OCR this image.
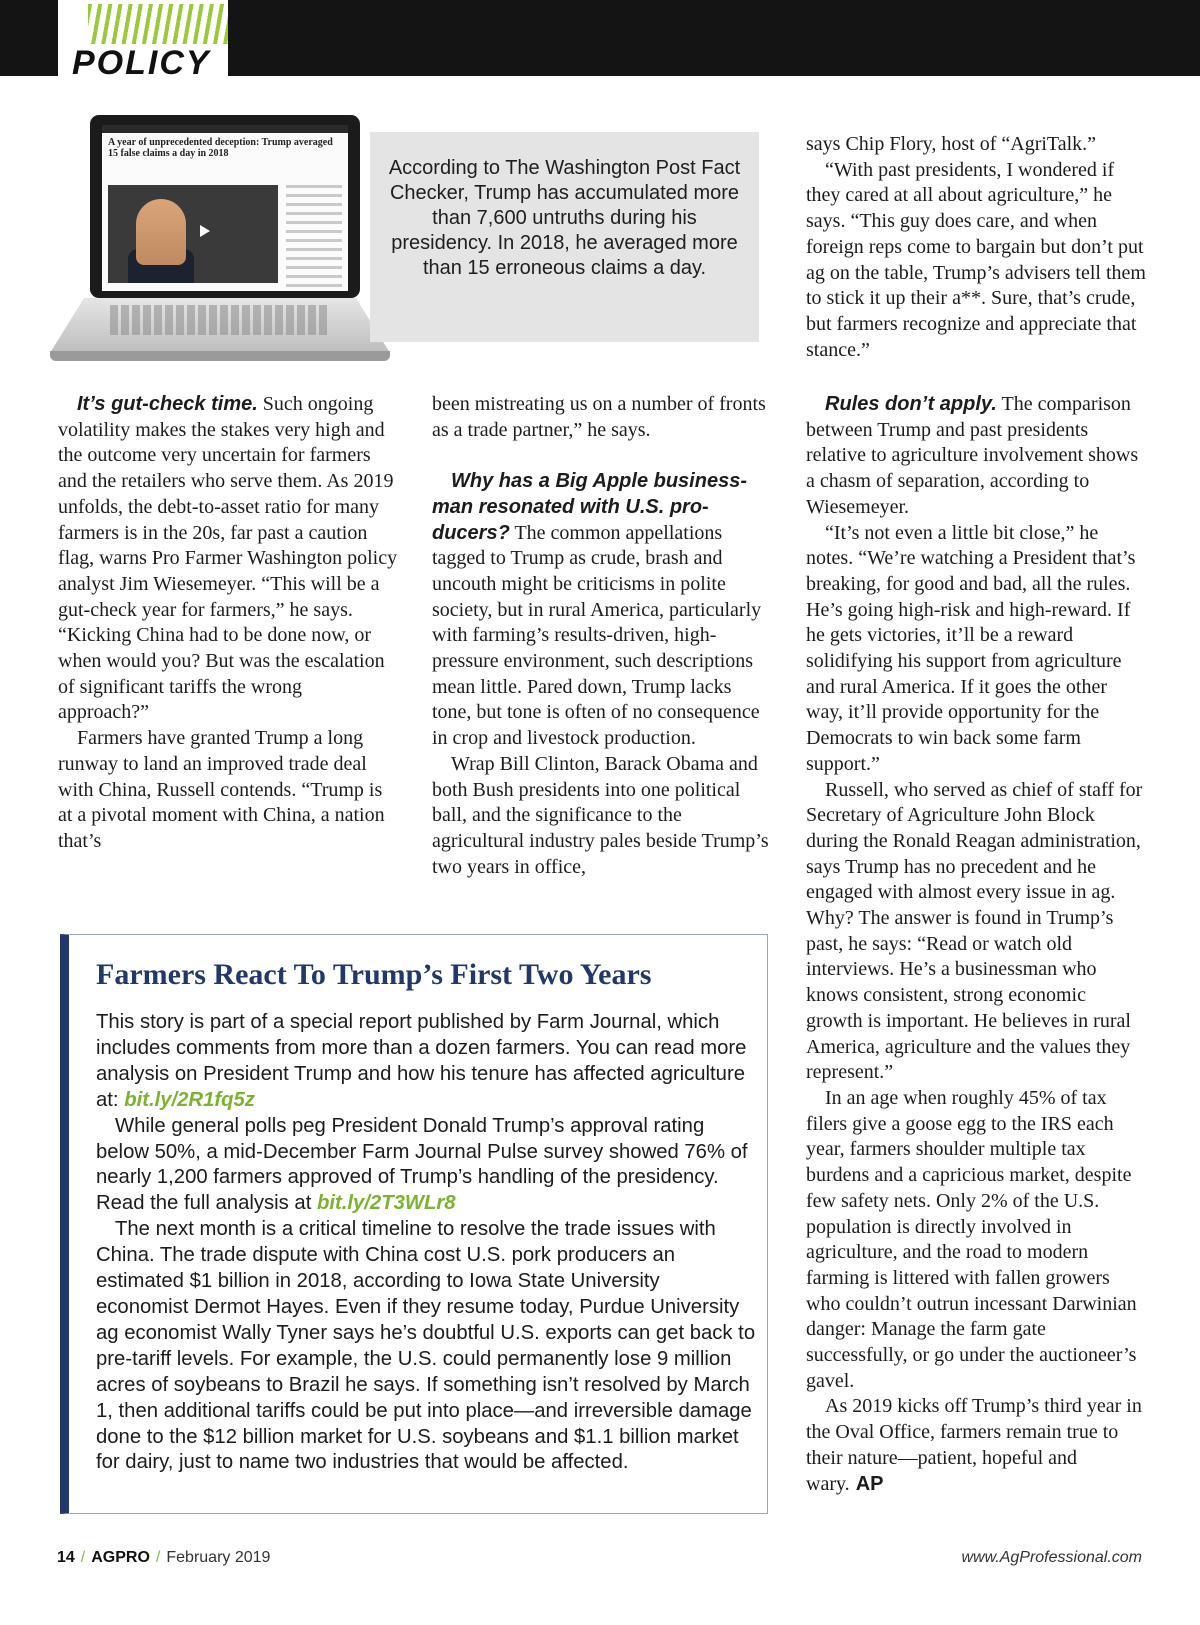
POLICY
A year of unprecedented deception: Trump averaged 15 false claims a day in 2018
According to The Washington Post Fact Checker, Trump has accumulated more than 7,600 untruths during his presidency. In 2018, he averaged more than 15 erroneous claims a day.

says Chip Flory, host of “AgriTalk.”

“With past presidents, I wondered if they cared at all about agriculture,” he says. “This guy does care, and when foreign reps come to bargain but don’t put ag on the table, Trump’s advisers tell them to stick it up their a**. Sure, that’s crude, but farmers recognize and appreciate that stance.”

It’s gut-check time. Such ongoing volatility makes the stakes very high and the outcome very uncertain for farmers and the retailers who serve them. As 2019 unfolds, the debt-to-asset ratio for many farmers is in the 20s, far past a caution flag, warns Pro Farmer Washington policy analyst Jim Wiesemeyer. “This will be a gut-check year for farmers,” he says. “Kicking China had to be done now, or when would you? But was the escalation of significant tariffs the wrong approach?”

Farmers have granted Trump a long runway to land an improved trade deal with China, Russell contends. “Trump is at a pivotal moment with China, a nation that’s

been mistreating us on a number of fronts as a trade partner,” he says.

Why has a Big Apple business-man resonated with U.S. pro-ducers? The common appellations tagged to Trump as crude, brash and uncouth might be criticisms in polite society, but in rural America, particularly with farming’s results-driven, high-pressure environment, such descriptions mean little. Pared down, Trump lacks tone, but tone is often of no consequence in crop and livestock production.

Wrap Bill Clinton, Barack Obama and both Bush presidents into one political ball, and the significance to the agricultural industry pales beside Trump’s two years in office,

Rules don’t apply. The comparison between Trump and past presidents relative to agriculture involvement shows a chasm of separation, according to Wiesemeyer.

“It’s not even a little bit close,” he notes. “We’re watching a President that’s breaking, for good and bad, all the rules. He’s going high-risk and high-reward. If he gets victories, it’ll be a reward solidifying his support from agriculture and rural America. If it goes the other way, it’ll provide opportunity for the Democrats to win back some farm support.”

Russell, who served as chief of staff for Secretary of Agriculture John Block during the Ronald Reagan administration, says Trump has no precedent and he engaged with almost every issue in ag. Why? The answer is found in Trump’s past, he says: “Read or watch old interviews. He’s a businessman who knows consistent, strong economic growth is important. He believes in rural America, agriculture and the values they represent.”

In an age when roughly 45% of tax filers give a goose egg to the IRS each year, farmers shoulder multiple tax burdens and a capricious market, despite few safety nets. Only 2% of the U.S. population is directly involved in agriculture, and the road to modern farming is littered with fallen growers who couldn’t outrun incessant Darwinian danger: Manage the farm gate successfully, or go under the auctioneer’s gavel.

As 2019 kicks off Trump’s third year in the Oval Office, farmers remain true to their nature—patient, hopeful and wary. AP

Farmers React To Trump’s First Two Years

This story is part of a special report published by Farm Journal, which includes comments from more than a dozen farmers. You can read more analysis on President Trump and how his tenure has affected agriculture at: bit.ly/2R1fq5z

While general polls peg President Donald Trump’s approval rating below 50%, a mid-December Farm Journal Pulse survey showed 76% of nearly 1,200 farmers approved of Trump’s handling of the presidency. Read the full analysis at bit.ly/2T3WLr8

The next month is a critical timeline to resolve the trade issues with China. The trade dispute with China cost U.S. pork producers an estimated $1 billion in 2018, according to Iowa State University economist Dermot Hayes. Even if they resume today, Purdue University ag economist Wally Tyner says he’s doubtful U.S. exports can get back to pre-tariff levels. For example, the U.S. could permanently lose 9 million acres of soybeans to Brazil he says. If something isn’t resolved by March 1, then additional tariffs could be put into place—and irreversible damage done to the $12 billion market for U.S. soybeans and $1.1 billion market for dairy, just to name two industries that would be affected.

14 / AGPRO / February 2019	www.AgProfessional.com
